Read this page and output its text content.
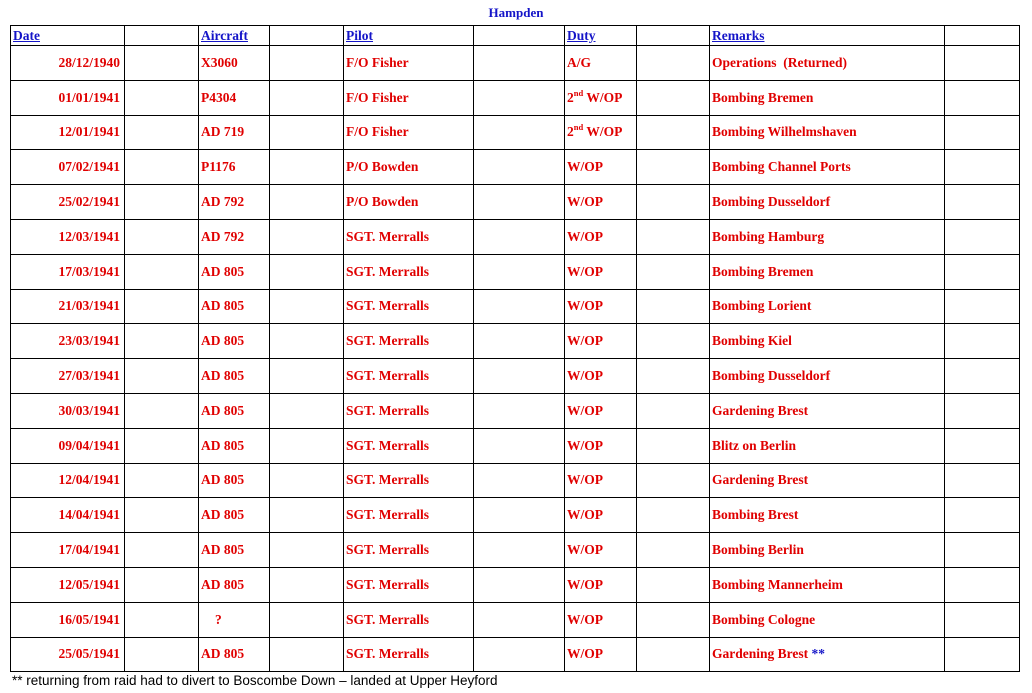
Hampden
Date		Aircraft		Pilot		Duty		Remarks	
28/12/1940		X3060		F/O Fisher		A/G		Operations  (Returned)	
01/01/1941		P4304		F/O Fisher		2nd W/OP		Bombing Bremen	
12/01/1941		AD 719		F/O Fisher		2nd W/OP		Bombing Wilhelmshaven	
07/02/1941		P1176		P/O Bowden		W/OP		Bombing Channel Ports	
25/02/1941		AD 792		P/O Bowden		W/OP		Bombing Dusseldorf	
12/03/1941		AD 792		SGT. Merralls		W/OP		Bombing Hamburg	
17/03/1941		AD 805		SGT. Merralls		W/OP		Bombing Bremen	
21/03/1941		AD 805		SGT. Merralls		W/OP		Bombing Lorient	
23/03/1941		AD 805		SGT. Merralls		W/OP		Bombing Kiel	
27/03/1941		AD 805		SGT. Merralls		W/OP		Bombing Dusseldorf	
30/03/1941		AD 805		SGT. Merralls		W/OP		Gardening Brest	
09/04/1941		AD 805		SGT. Merralls		W/OP		Blitz on Berlin	
12/04/1941		AD 805		SGT. Merralls		W/OP		Gardening Brest	
14/04/1941		AD 805		SGT. Merralls		W/OP		Bombing Brest	
17/04/1941		AD 805		SGT. Merralls		W/OP		Bombing Berlin	
12/05/1941		AD 805		SGT. Merralls		W/OP		Bombing Mannerheim	
16/05/1941		?		SGT. Merralls		W/OP		Bombing Cologne	
25/05/1941		AD 805		SGT. Merralls		W/OP		Gardening Brest **	
** returning from raid had to divert to Boscombe Down – landed at Upper Heyford
